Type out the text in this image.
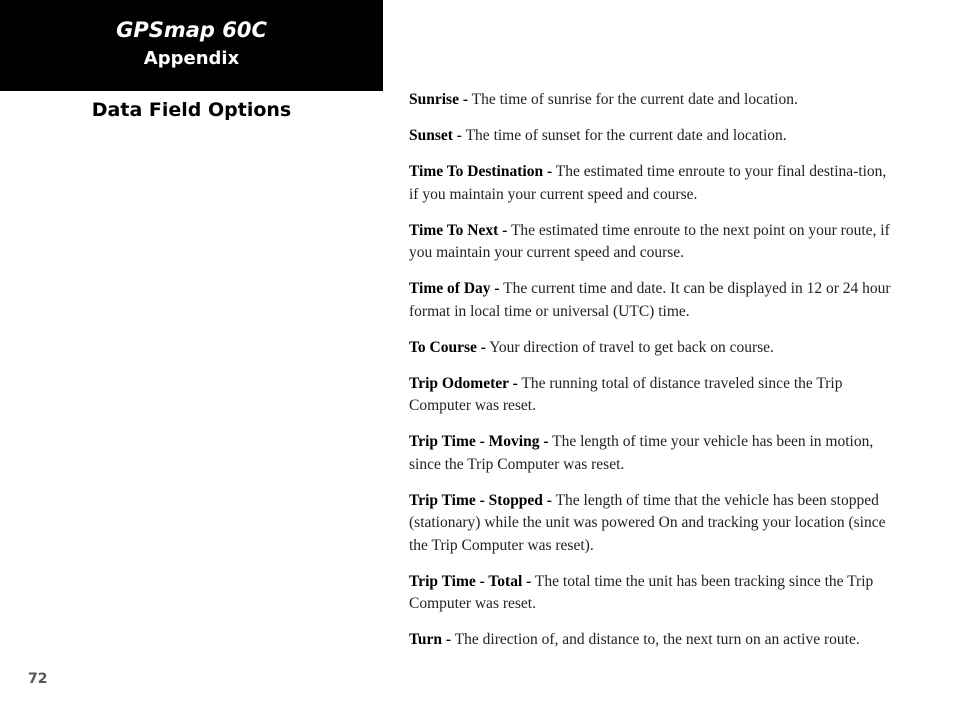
GPSmap 60C
Appendix
Data Field Options	Sunrise - The time of sunrise for the current date and location.

Sunset - The time of sunset for the current date and location.

Time To Destination - The estimated time enroute to your final destina-tion, if you maintain your current speed and course.

Time To Next - The estimated time enroute to the next point on your route, if you maintain your current speed and course.

Time of Day - The current time and date. It can be displayed in 12 or 24 hour format in local time or universal (UTC) time.

To Course - Your direction of travel to get back on course.

Trip Odometer - The running total of distance traveled since the Trip Computer was reset.

Trip Time - Moving - The length of time your vehicle has been in motion, since the Trip Computer was reset.

Trip Time - Stopped - The length of time that the vehicle has been stopped (stationary) while the unit was powered On and tracking your location (since the Trip Computer was reset).

Trip Time - Total - The total time the unit has been tracking since the Trip Computer was reset.

Turn - The direction of, and distance to, the next turn on an active route.

72
